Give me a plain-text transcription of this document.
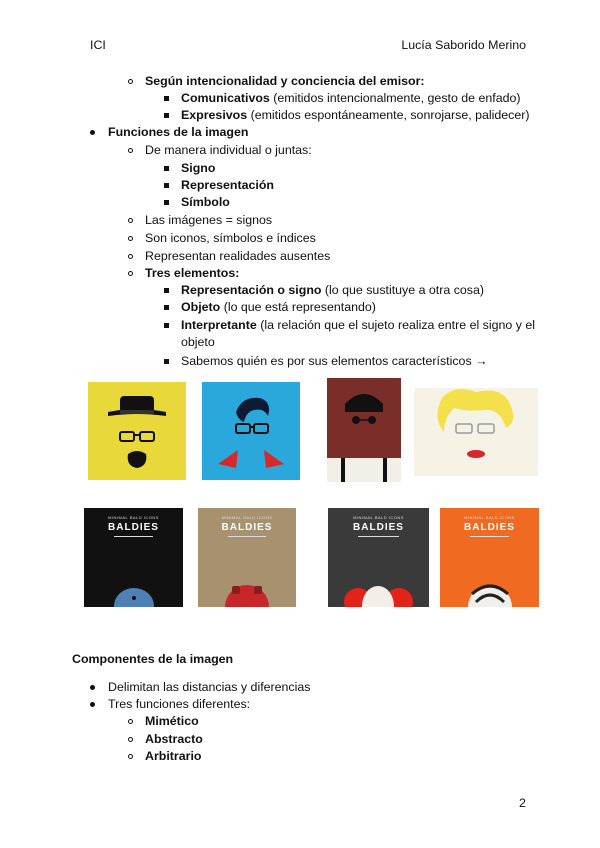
ICI	Lucía Saborido Merino
Según intencionalidad y conciencia del emisor:
Comunicativos (emitidos intencionalmente, gesto de enfado)
Expresivos (emitidos espontáneamente, sonrojarse, palidecer)
Funciones de la imagen
De manera individual o juntas:
Signo
Representación
Símbolo
Las imágenes = signos
Son iconos, símbolos e índices
Representan realidades ausentes
Tres elementos:
Representación o signo (lo que sustituye a otra cosa)
Objeto (lo que está representando)
Interpretante (la relación que el sujeto realiza entre el signo y el
objeto
Sabemos quién es por sus elementos característicos →
MINIMAL BALD ICONS
BALDIES
MINIMAL BALD ICONS
BALDIES
MINIMAL BALD ICONS
BALDIES
MINIMAL BALD ICONS
BALDIES
Componentes de la imagen
Delimitan las distancias y diferencias
Tres funciones diferentes:
Mimético
Abstracto
Arbitrario
2
